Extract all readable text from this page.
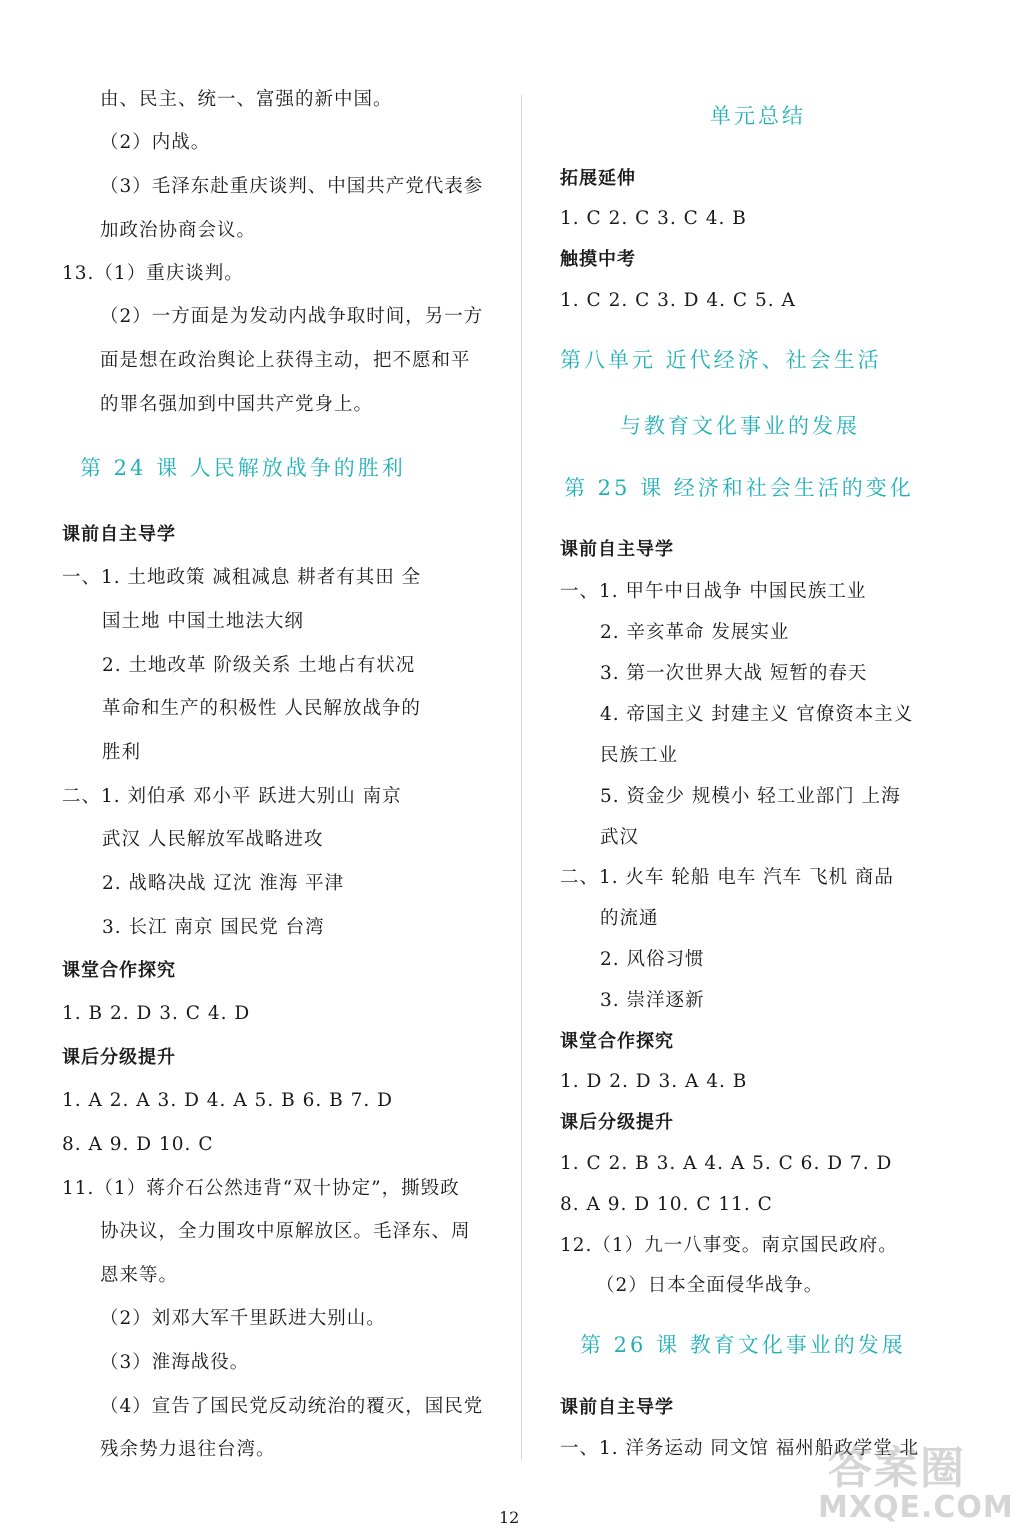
由、民主、统一、富强的新中国。
（2）内战。
（3）毛泽东赴重庆谈判、中国共产党代表参
加政治协商会议。
13.（1）重庆谈判。
（2）一方面是为发动内战争取时间，另一方
面是想在政治舆论上获得主动，把不愿和平
的罪名强加到中国共产党身上。
第 24 课 人民解放战争的胜利
课前自主导学
一、1. 土地政策 减租减息 耕者有其田 全
国土地 中国土地法大纲
2. 土地改革 阶级关系 土地占有状况
革命和生产的积极性 人民解放战争的
胜利
二、1. 刘伯承 邓小平 跃进大别山 南京
武汉 人民解放军战略进攻
2. 战略决战 辽沈 淮海 平津
3. 长江 南京 国民党 台湾
课堂合作探究
1. B 2. D 3. C 4. D
课后分级提升
1. A 2. A 3. D 4. A 5. B 6. B 7. D
8. A 9. D 10. C
11.（1）蒋介石公然违背“双十协定”，撕毁政
协决议，全力围攻中原解放区。毛泽东、周
恩来等。
（2）刘邓大军千里跃进大别山。
（3）淮海战役。
（4）宣告了国民党反动统治的覆灭，国民党
残余势力退往台湾。
单元总结
拓展延伸
1. C 2. C 3. C 4. B
触摸中考
1. C 2. C 3. D 4. C 5. A
第八单元 近代经济、社会生活
与教育文化事业的发展
第 25 课 经济和社会生活的变化
课前自主导学
一、1. 甲午中日战争 中国民族工业
2. 辛亥革命 发展实业
3. 第一次世界大战 短暂的春天
4. 帝国主义 封建主义 官僚资本主义
民族工业
5. 资金少 规模小 轻工业部门 上海
武汉
二、1. 火车 轮船 电车 汽车 飞机 商品
的流通
2. 风俗习惯
3. 崇洋逐新
课堂合作探究
1. D 2. D 3. A 4. B
课后分级提升
1. C 2. B 3. A 4. A 5. C 6. D 7. D
8. A 9. D 10. C 11. C
12.（1）九一八事变。南京国民政府。
（2）日本全面侵华战争。
第 26 课 教育文化事业的发展
课前自主导学
一、1. 洋务运动 同文馆 福州船政学堂 北
12
答案圈
MXQE.COM
